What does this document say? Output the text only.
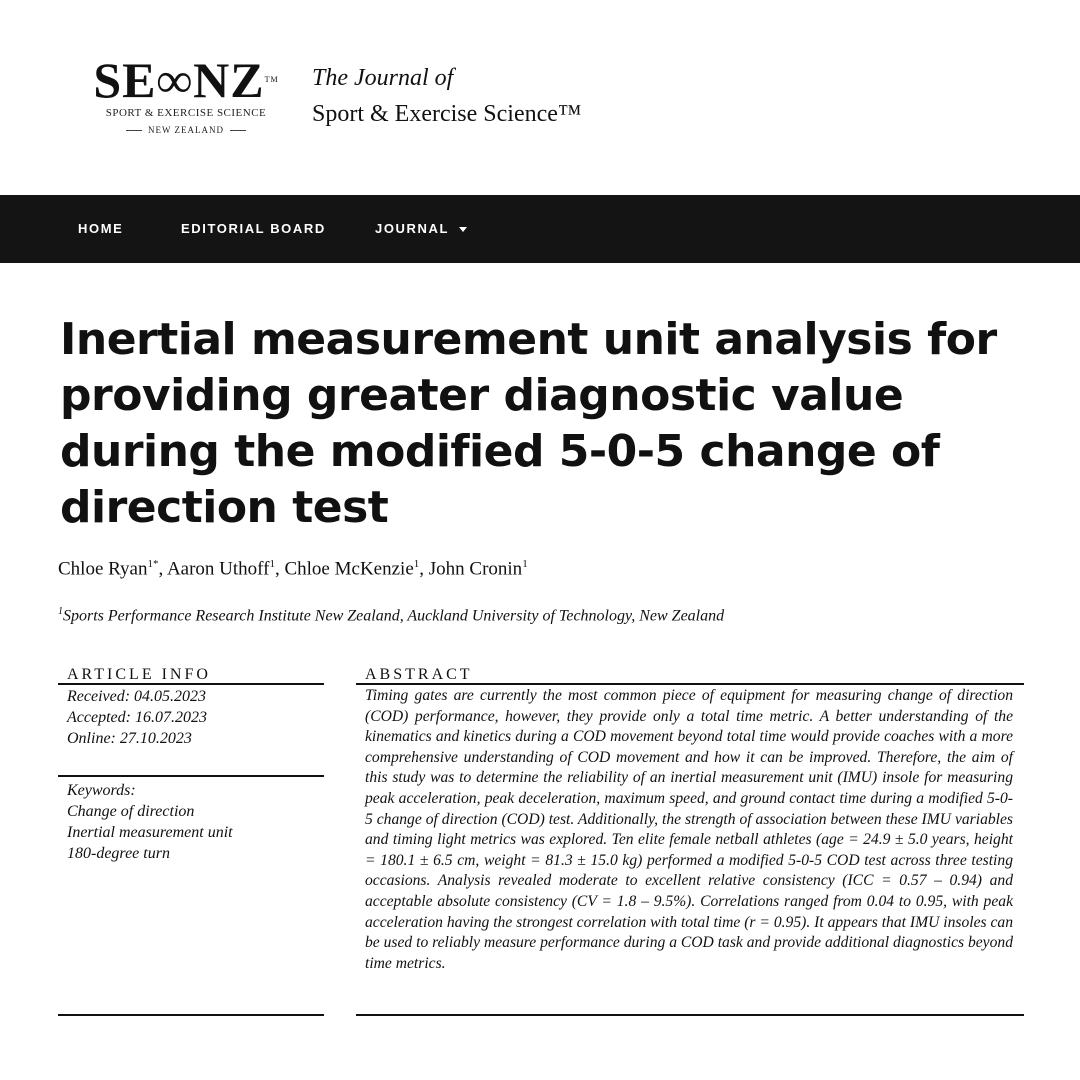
SE∞NZ™
SPORT & EXERCISE SCIENCE
NEW ZEALAND
The Journal of
Sport & Exercise Science™
HOME	EDITORIAL BOARD	JOURNAL
Inertial measurement unit analysis for providing greater diagnostic value during the modified 5-0-5 change of direction test
Chloe Ryan$^{1*}$, Aaron Uthoff$^1$, Chloe McKenzie$^1$, John Cronin$^1$
$^1$Sports Performance Research Institute New Zealand, Auckland University of Technology, New Zealand
ARTICLE INFO
Received: 04.05.2023
Accepted: 16.07.2023
Online: 27.10.2023
Keywords:
Change of direction
Inertial measurement unit
180-degree turn
ABSTRACT
Timing gates are currently the most common piece of equipment for measuring change of direction (COD) performance, however, they provide only a total time metric. A better understanding of the kinematics and kinetics during a COD movement beyond total time would provide coaches with a more comprehensive understanding of COD movement and how it can be improved. Therefore, the aim of this study was to determine the reliability of an inertial measurement unit (IMU) insole for measuring peak acceleration, peak deceleration, maximum speed, and ground contact time during a modified 5-0-5 change of direction (COD) test. Additionally, the strength of association between these IMU variables and timing light metrics was explored. Ten elite female netball athletes (age = 24.9 ± 5.0 years, height = 180.1 ± 6.5 cm, weight = 81.3 ± 15.0 kg) performed a modified 5-0-5 COD test across three testing occasions. Analysis revealed moderate to excellent relative consistency (ICC = 0.57 – 0.94) and acceptable absolute consistency (CV = 1.8 – 9.5%). Correlations ranged from 0.04 to 0.95, with peak acceleration having the strongest correlation with total time (r = 0.95). It appears that IMU insoles can be used to reliably measure performance during a COD task and provide additional diagnostics beyond time metrics.
